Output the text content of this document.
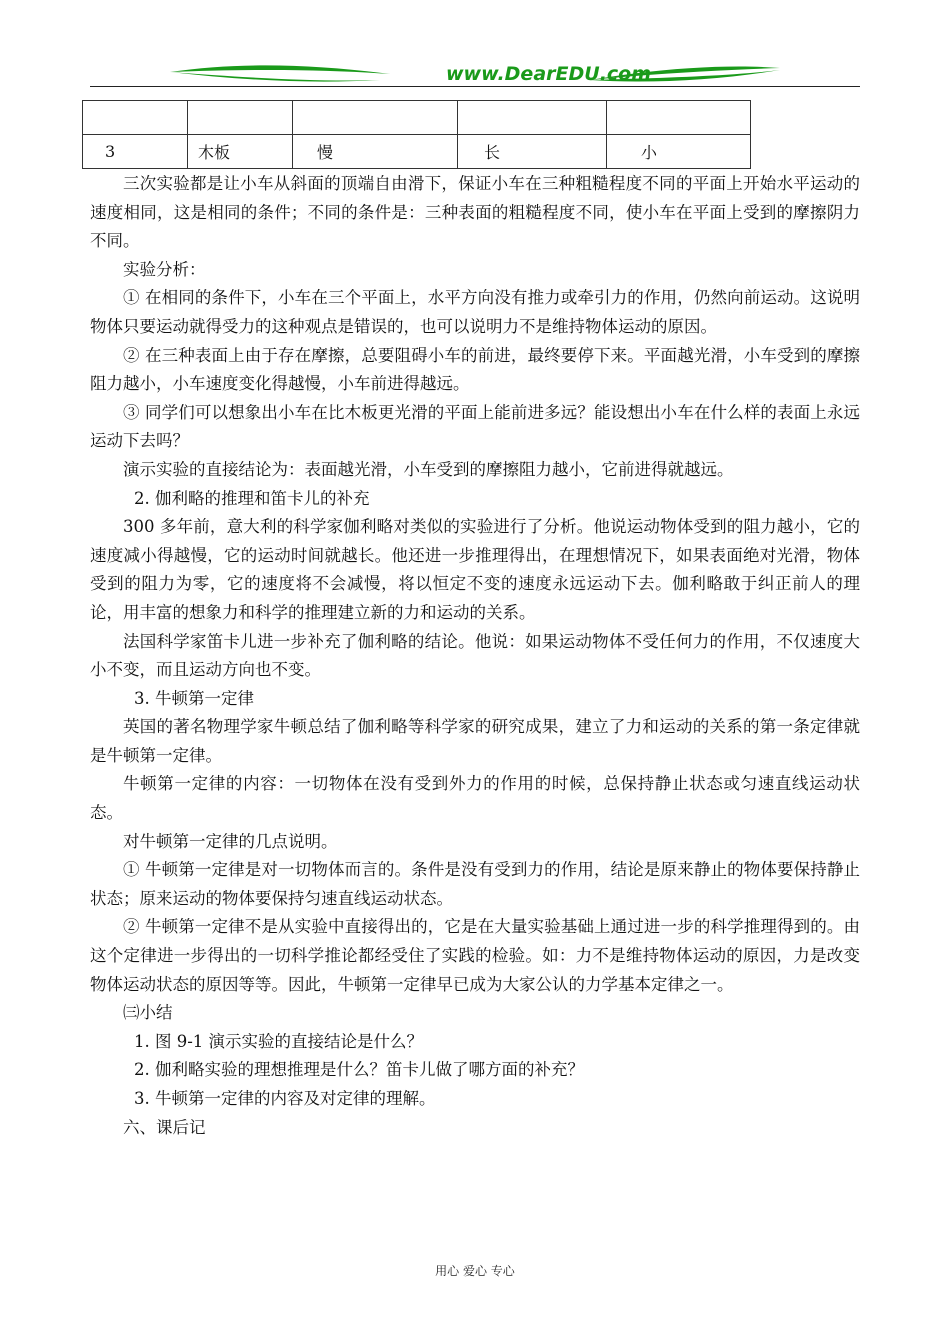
www.DearEDU.com

3	木板	慢	长	小

三次实验都是让小车从斜面的顶端自由滑下，保证小车在三种粗糙程度不同的平面上开始水平运动的速度相同，这是相同的条件；不同的条件是：三种表面的粗糙程度不同，使小车在平面上受到的摩擦阴力不同。

实验分析：

① 在相同的条件下，小车在三个平面上，水平方向没有推力或牵引力的作用，仍然向前运动。这说明物体只要运动就得受力的这种观点是错误的，也可以说明力不是维持物体运动的原因。

② 在三种表面上由于存在摩擦，总要阻碍小车的前进，最终要停下来。平面越光滑，小车受到的摩擦阻力越小，小车速度变化得越慢，小车前进得越远。

③ 同学们可以想象出小车在比木板更光滑的平面上能前进多远？能设想出小车在什么样的表面上永远运动下去吗？

演示实验的直接结论为：表面越光滑，小车受到的摩擦阻力越小，它前进得就越远。

2. 伽利略的推理和笛卡儿的补充

300 多年前，意大利的科学家伽利略对类似的实验进行了分析。他说运动物体受到的阻力越小，它的速度减小得越慢，它的运动时间就越长。他还进一步推理得出，在理想情况下，如果表面绝对光滑，物体受到的阻力为零，它的速度将不会减慢，将以恒定不变的速度永远运动下去。伽利略敢于纠正前人的理论，用丰富的想象力和科学的推理建立新的力和运动的关系。

法国科学家笛卡儿进一步补充了伽利略的结论。他说：如果运动物体不受任何力的作用，不仅速度大小不变，而且运动方向也不变。

3. 牛顿第一定律

英国的著名物理学家牛顿总结了伽利略等科学家的研究成果，建立了力和运动的关系的第一条定律就是牛顿第一定律。

牛顿第一定律的内容：一切物体在没有受到外力的作用的时候，总保持静止状态或匀速直线运动状态。

对牛顿第一定律的几点说明。

① 牛顿第一定律是对一切物体而言的。条件是没有受到力的作用，结论是原来静止的物体要保持静止状态；原来运动的物体要保持匀速直线运动状态。

② 牛顿第一定律不是从实验中直接得出的，它是在大量实验基础上通过进一步的科学推理得到的。由这个定律进一步得出的一切科学推论都经受住了实践的检验。如：力不是维持物体运动的原因，力是改变物体运动状态的原因等等。因此，牛顿第一定律早已成为大家公认的力学基本定律之一。

㈢小结

1. 图 9-1 演示实验的直接结论是什么？

2. 伽利略实验的理想推理是什么？笛卡儿做了哪方面的补充？

3. 牛顿第一定律的内容及对定律的理解。

六、课后记

用心 爱心 专心
